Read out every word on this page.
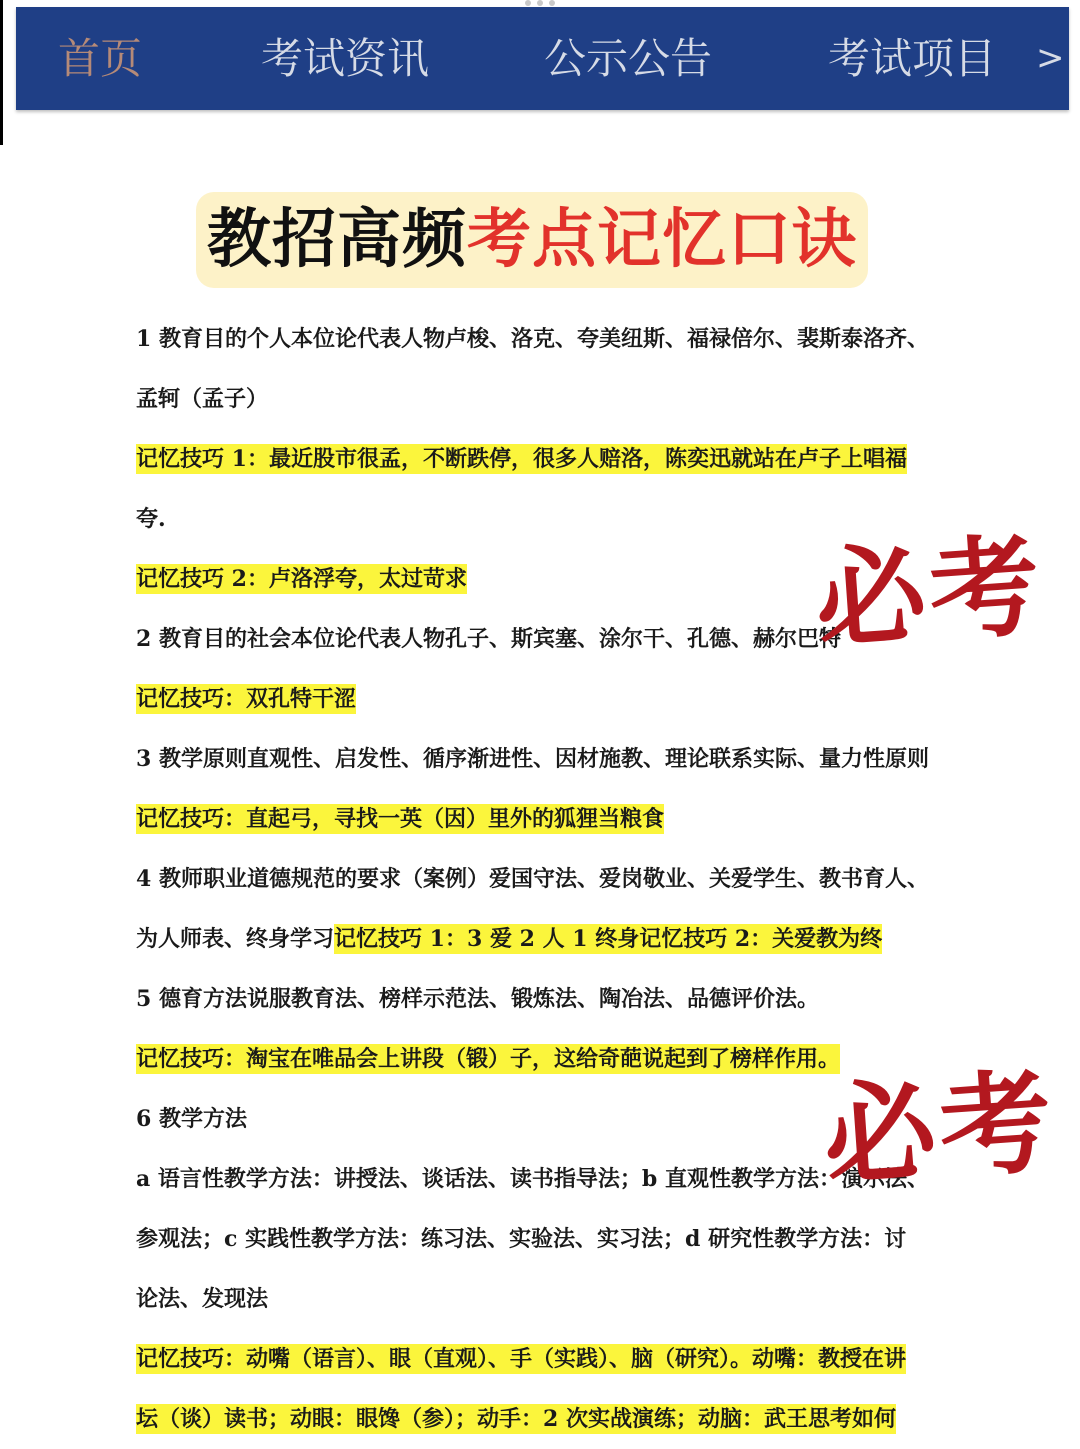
首页	考试资讯	公示公告	考试项目 >
教招高频考点记忆口诀
1 教育目的个人本位论代表人物卢梭、洛克、夸美纽斯、福禄倍尔、裴斯泰洛齐、
孟轲（孟子）
记忆技巧 1：最近股市很孟，不断跌停，很多人赔洛，陈奕迅就站在卢子上唱福
夸.
记忆技巧 2：卢洛浮夸，太过苛求
2 教育目的社会本位论代表人物孔子、斯宾塞、涂尔干、孔德、赫尔巴特
记忆技巧：双孔特干涩
3 教学原则直观性、启发性、循序渐进性、因材施教、理论联系实际、量力性原则
记忆技巧：直起弓，寻找一英（因）里外的狐狸当粮食
4 教师职业道德规范的要求（案例）爱国守法、爱岗敬业、关爱学生、教书育人、
为人师表、终身学习记忆技巧 1：3 爱 2 人 1 终身记忆技巧 2：关爱教为终
5 德育方法说服教育法、榜样示范法、锻炼法、陶冶法、品德评价法。
记忆技巧：淘宝在唯品会上讲段（锻）子，这给奇葩说起到了榜样作用。
6 教学方法
a 语言性教学方法：讲授法、谈话法、读书指导法；b 直观性教学方法：演示法、
参观法；c 实践性教学方法：练习法、实验法、实习法；d 研究性教学方法：讨
论法、发现法
记忆技巧：动嘴（语言）、眼（直观）、手（实践）、脑（研究）。动嘴：教授在讲
坛（谈）读书；动眼：眼馋（参）；动手：2 次实战演练；动脑：武王思考如何
必考
必考
